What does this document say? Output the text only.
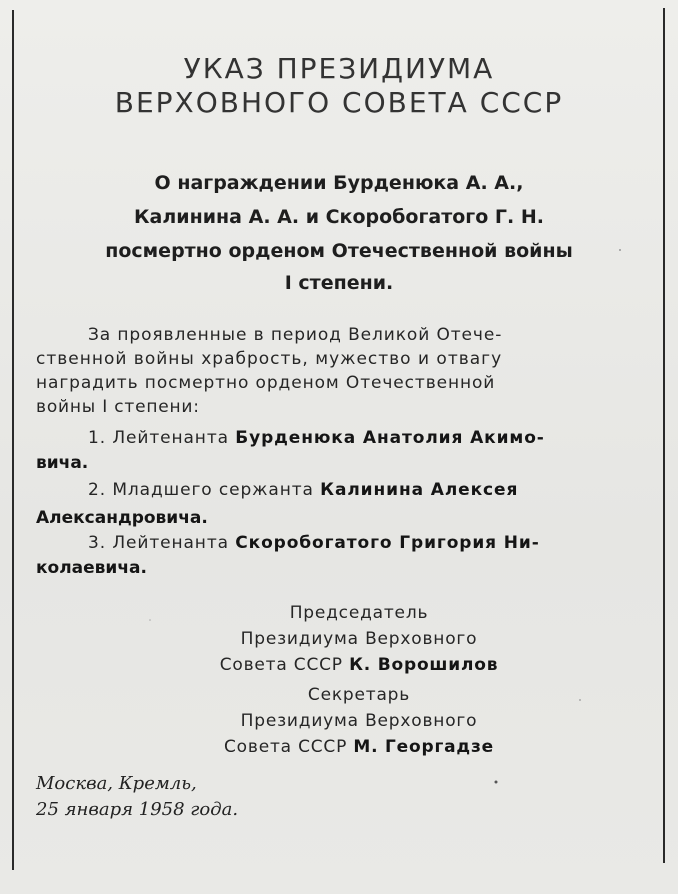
УКАЗ ПРЕЗИДИУМА
ВЕРХОВНОГО СОВЕТА СССР
О награждении Бурденюка А. А.,
Калинина А. А. и Скоробогатого Г. Н.
посмертно орденом Отечественной войны
I степени.
За проявленные в период Великой Отече-
ственной войны храбрость, мужество и отвагу
наградить посмертно орденом Отечественной
войны I степени:
1. Лейтенанта Бурденюка Анатолия Акимо-
вича.
2. Младшего сержанта Калинина Алексея
Александровича.
3. Лейтенанта Скоробогатого Григория Ни-
колаевича.
Председатель
Президиума Верховного
Совета СССР К. Ворошилов
Секретарь
Президиума Верховного
Совета СССР М. Георгадзе
Москва, Кремль,
25 января 1958 года.
